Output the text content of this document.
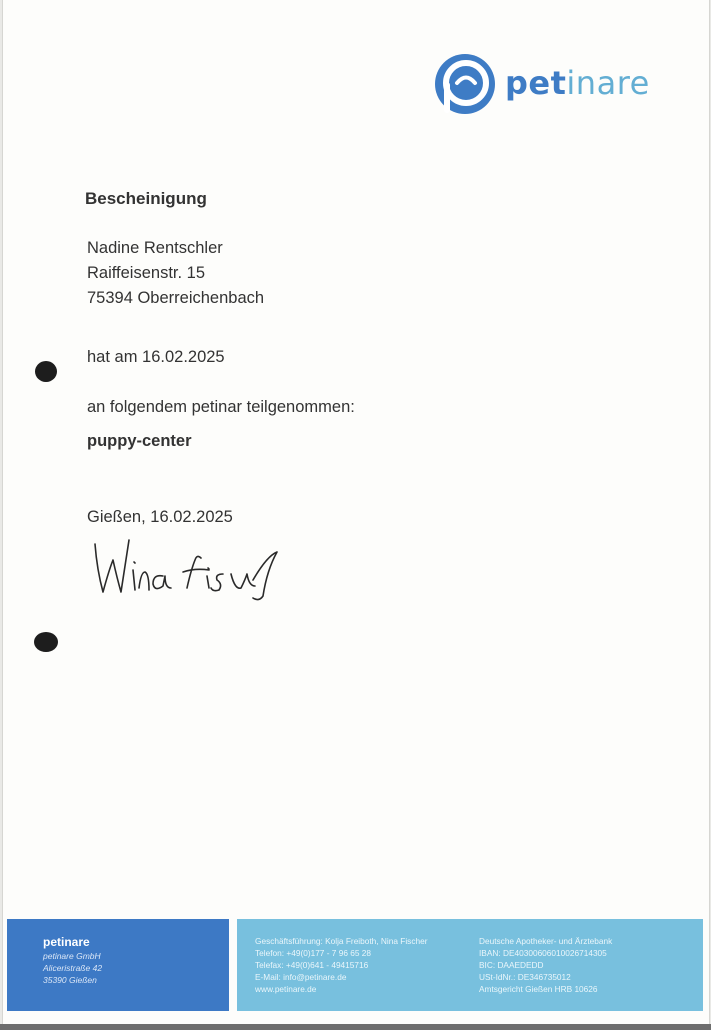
petinare
Bescheinigung
Nadine Rentschler
Raiffeisenstr. 15
75394 Oberreichenbach
hat am 16.02.2025
an folgendem petinar teilgenommen:
puppy-center
Gießen, 16.02.2025
petinare
petinare GmbH
Aliceristraße 42
35390 Gießen
Geschäftsführung: Kolja Freiboth, Nina Fischer
Telefon: +49(0)177 - 7 96 65 28
Telefax: +49(0)641 - 49415716
E-Mail: info@petinare.de
www.petinare.de
Deutsche Apotheker- und Ärztebank
IBAN: DE40300606010026714305
BIC: DAAEDEDD
USt-IdNr.: DE346735012
Amtsgericht Gießen HRB 10626
